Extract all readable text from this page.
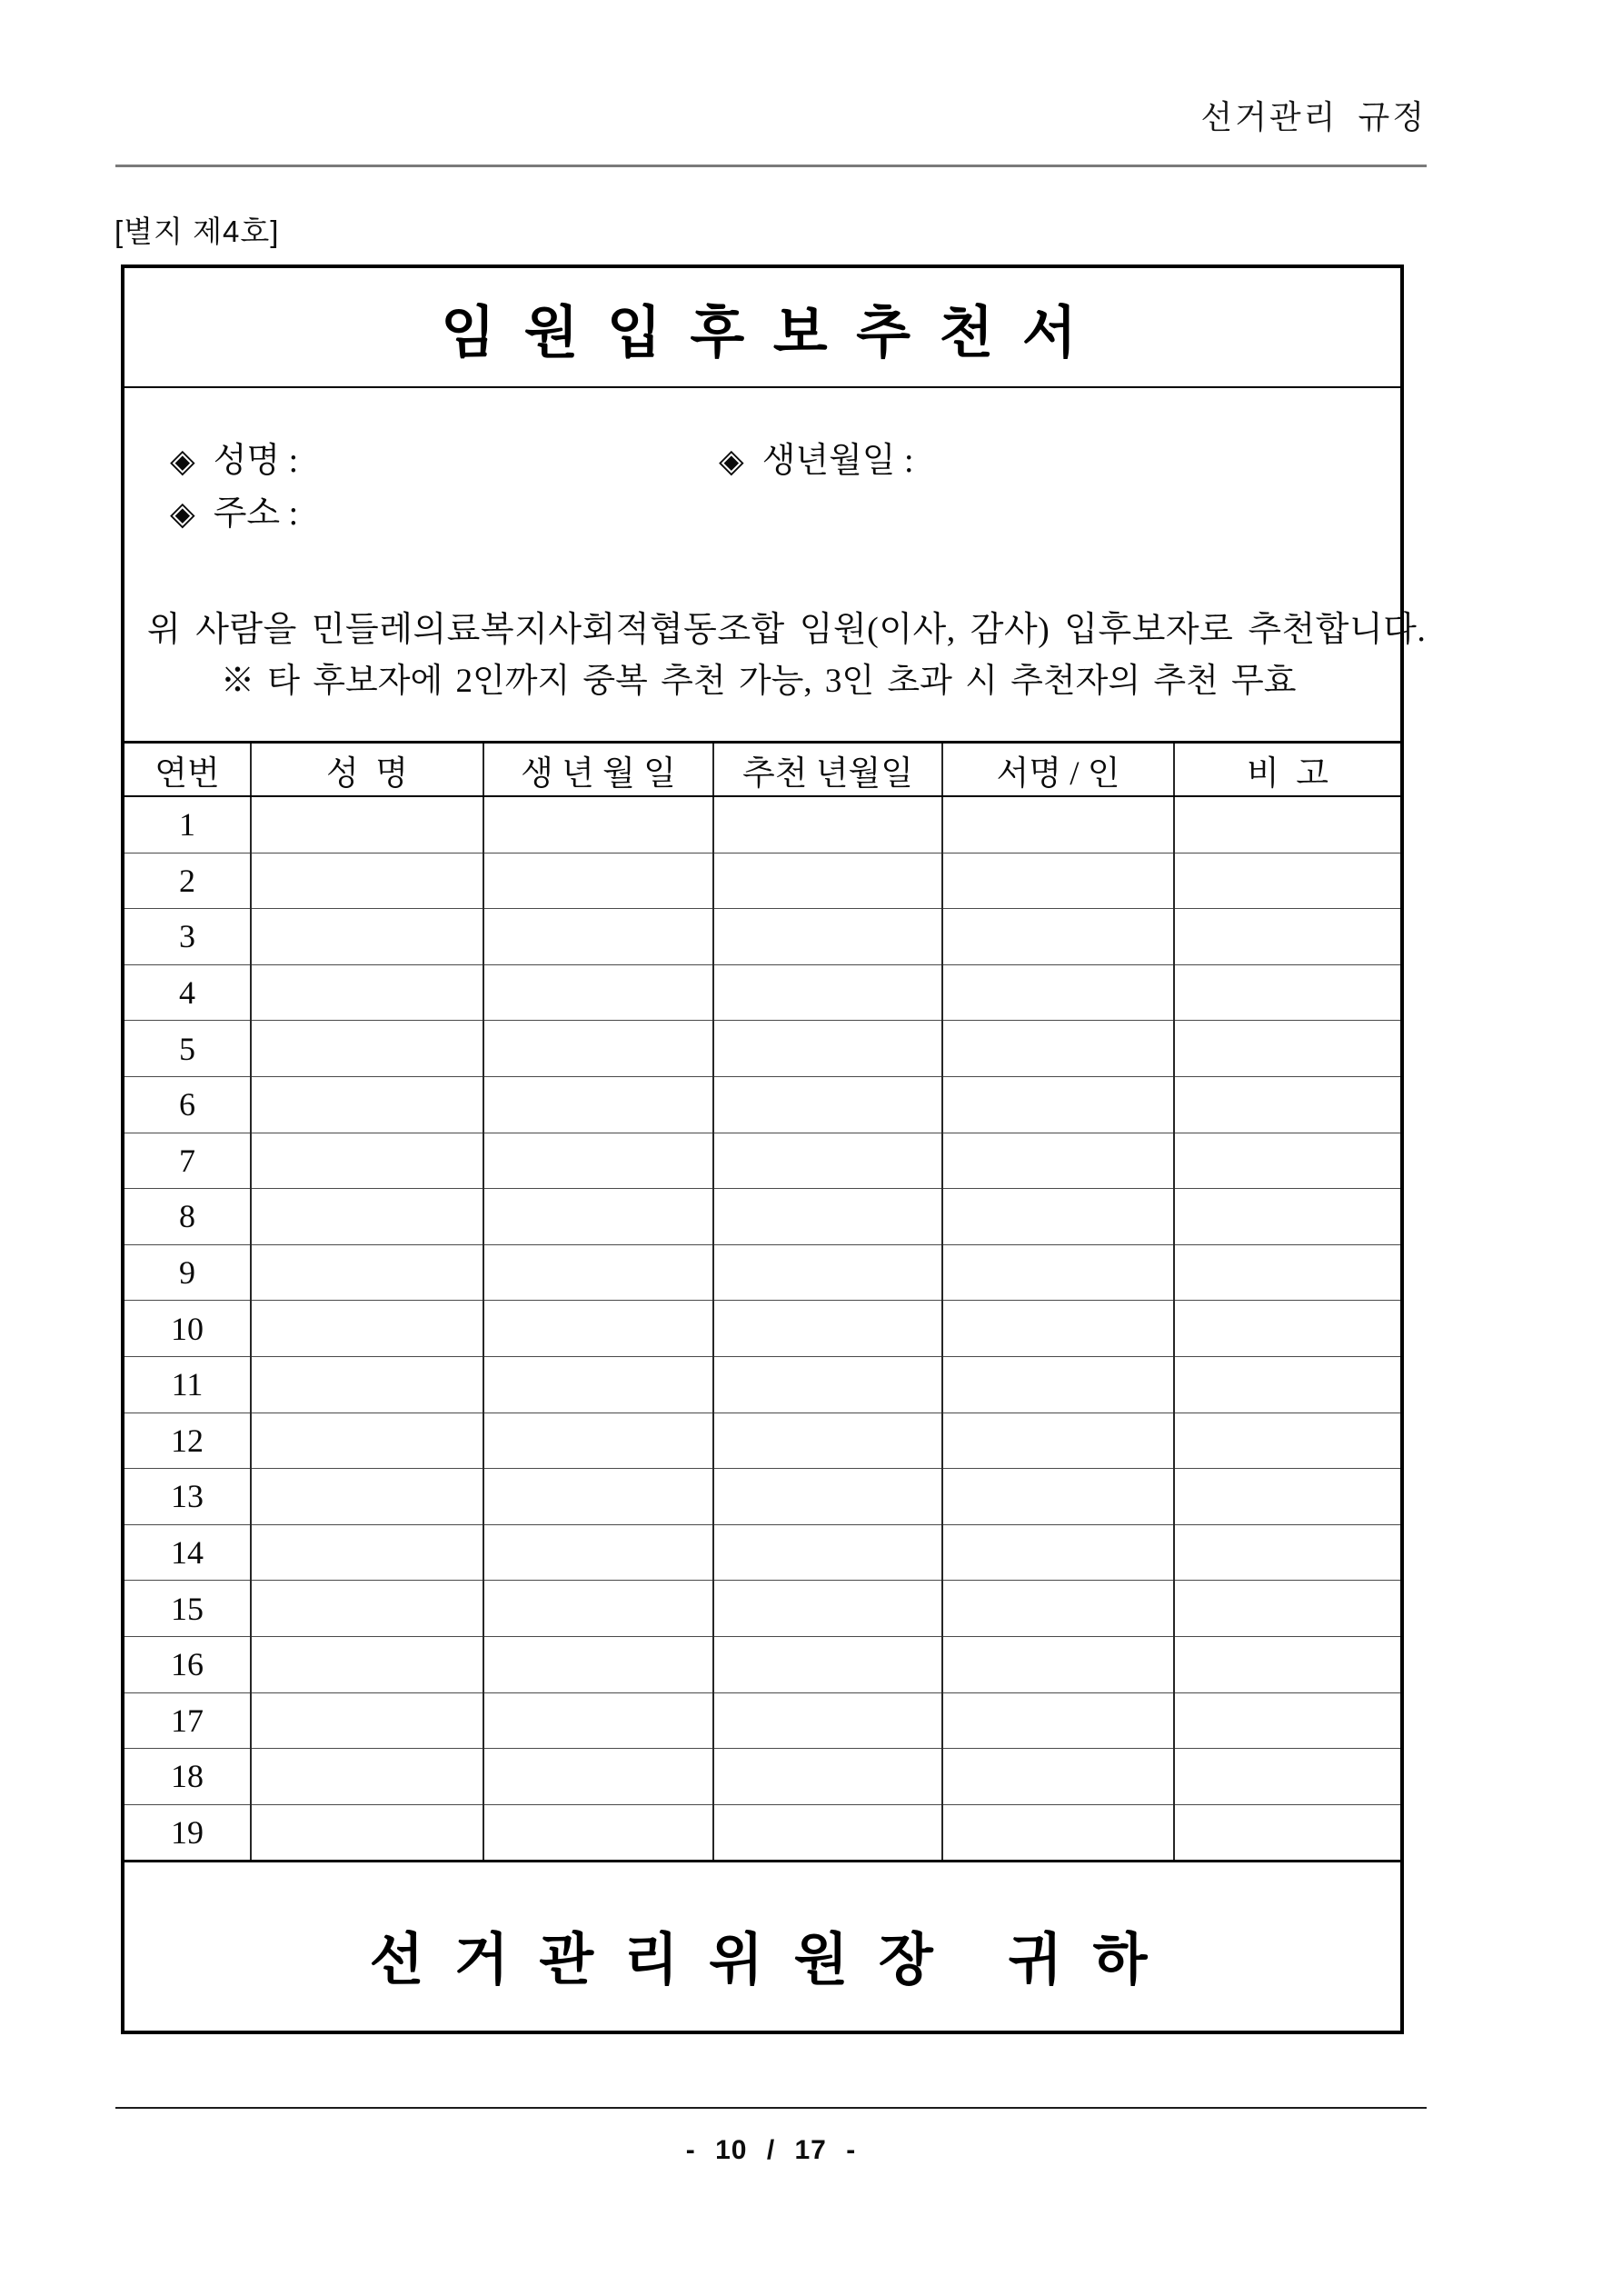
선거관리 규정
[별지 제4호]
임 원 입 후 보 추 천 서
◈ 성명 :	◈ 생년월일 :
◈ 주소 :
위 사람을 민들레의료복지사회적협동조합 임원(이사, 감사) 입후보자로 추천합니다.
※ 타 후보자에 2인까지 중복 추천 가능, 3인 초과 시 추천자의 추천 무효
연번	성  명	생 년 월 일	추천 년월일	서명 / 인	비  고
1					
2					
3					
4					
5					
6					
7					
8					
9					
10					
11					
12					
13					
14					
15					
16					
17					
18					
19					
선 거 관 리 위 원 장   귀 하
- 10 / 17 -
